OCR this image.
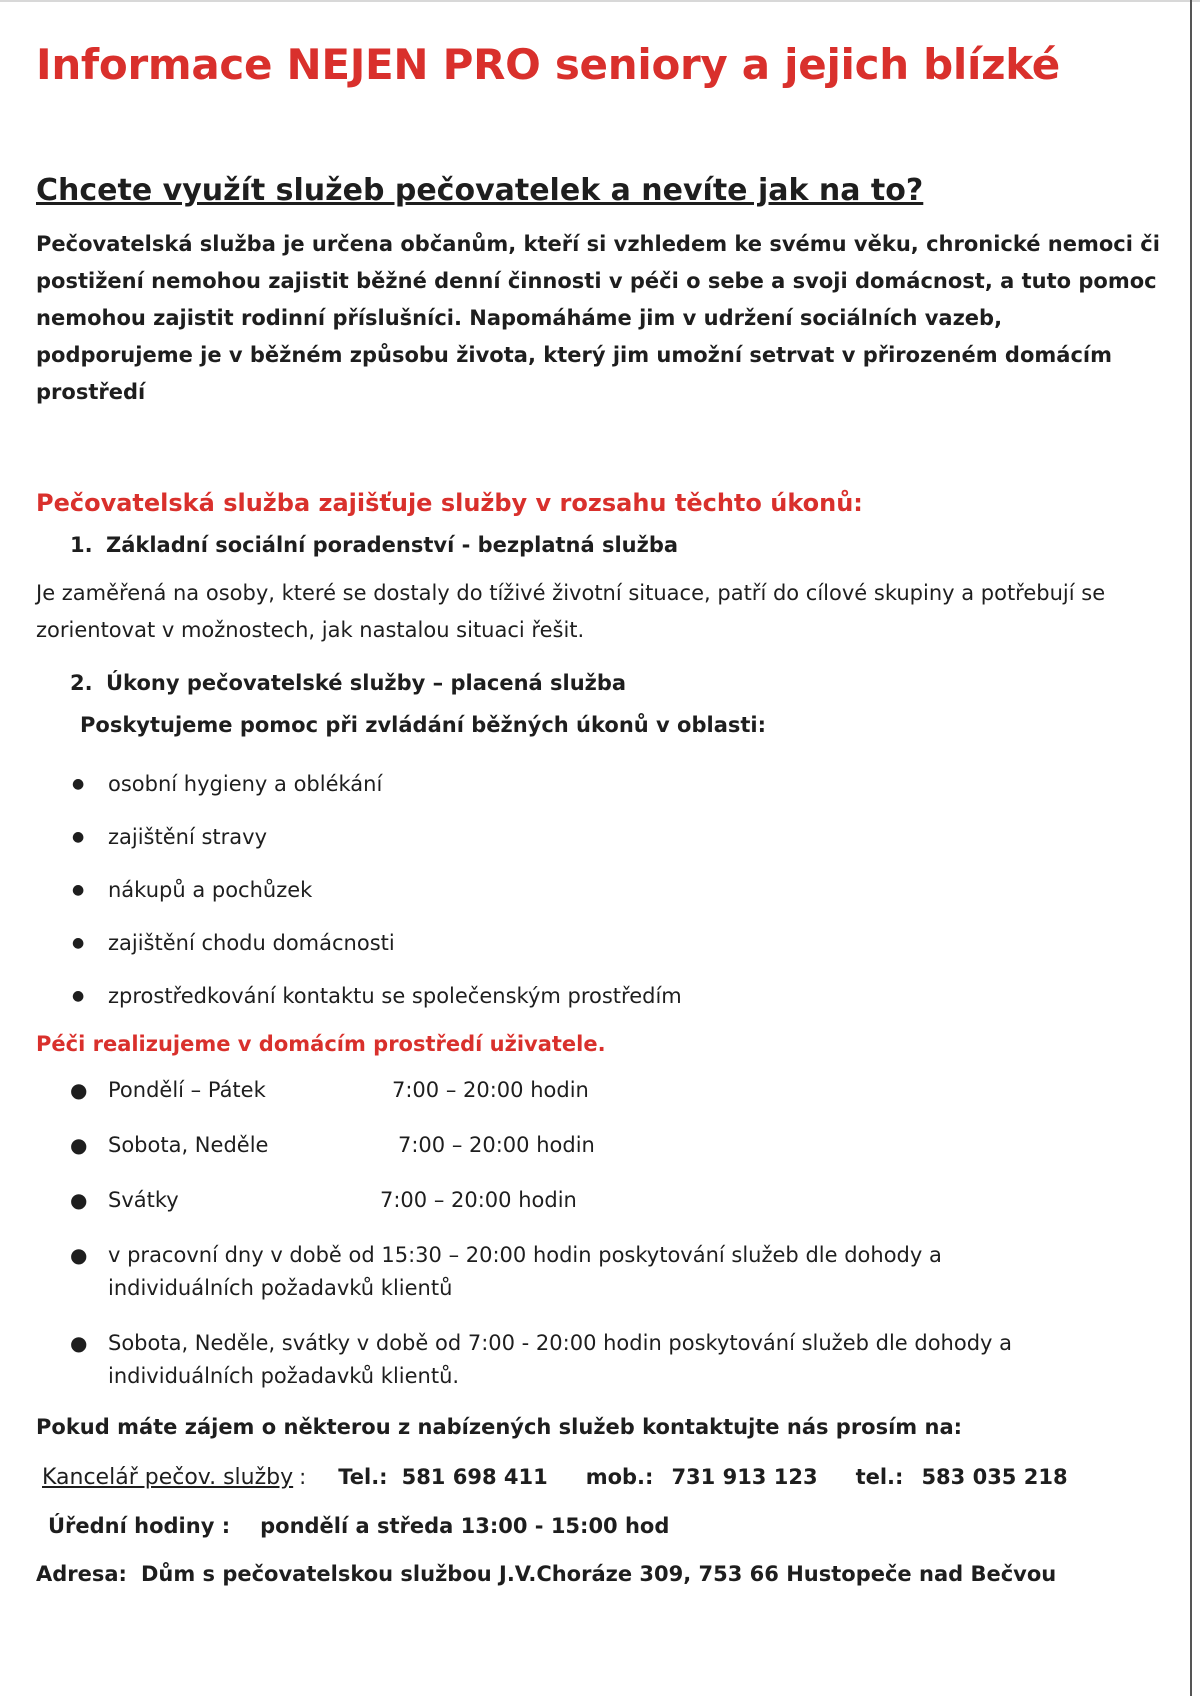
Informace NEJEN PRO seniory a jejich blízké
Chcete využít služeb pečovatelek a nevíte jak na to?

Pečovatelská služba je určena občanům, kteří si vzhledem ke svému věku, chronické nemoci či postižení nemohou zajistit běžné denní činnosti v péči o sebe a svoji domácnost, a tuto pomoc nemohou zajistit rodinní příslušníci. Napomáháme jim v udržení sociálních vazeb, podporujeme je v běžném způsobu života, který jim umožní setrvat v přirozeném domácím prostředí

Pečovatelská služba zajišťuje služby v rozsahu těchto úkonů:
1. Základní sociální poradenství - bezplatná služba

Je zaměřená na osoby, které se dostaly do tíživé životní situace, patří do cílové skupiny a potřebují se zorientovat v možnostech, jak nastalou situaci řešit.

2. Úkony pečovatelské služby – placená služba
Poskytujeme pomoc při zvládání běžných úkonů v oblasti:
●	osobní hygieny a oblékání
●	zajištění stravy
●	nákupů a pochůzek
●	zajištění chodu domácnosti
●	zprostředkování kontaktu se společenským prostředím
Péči realizujeme v domácím prostředí uživatele.
● Pondělí – Pátek	7:00 – 20:00 hodin
● Sobota, Neděle	7:00 – 20:00 hodin
● Svátky	7:00 – 20:00 hodin
● v pracovní dny v době od 15:30 – 20:00 hodin poskytování služeb dle dohody a individuálních požadavků klientů
● Sobota, Neděle, svátky v době od 7:00 - 20:00 hodin poskytování služeb dle dohody a individuálních požadavků klientů.
Pokud máte zájem o některou z nabízených služeb kontaktujte nás prosím na:
Kancelář pečov. služby : Tel.: 581 698 411 mob.: 731 913 123 tel.: 583 035 218
Úřední hodiny : pondělí a středa 13:00 - 15:00 hod
Adresa: Dům s pečovatelskou službou J.V.Choráze 309, 753 66 Hustopeče nad Bečvou
